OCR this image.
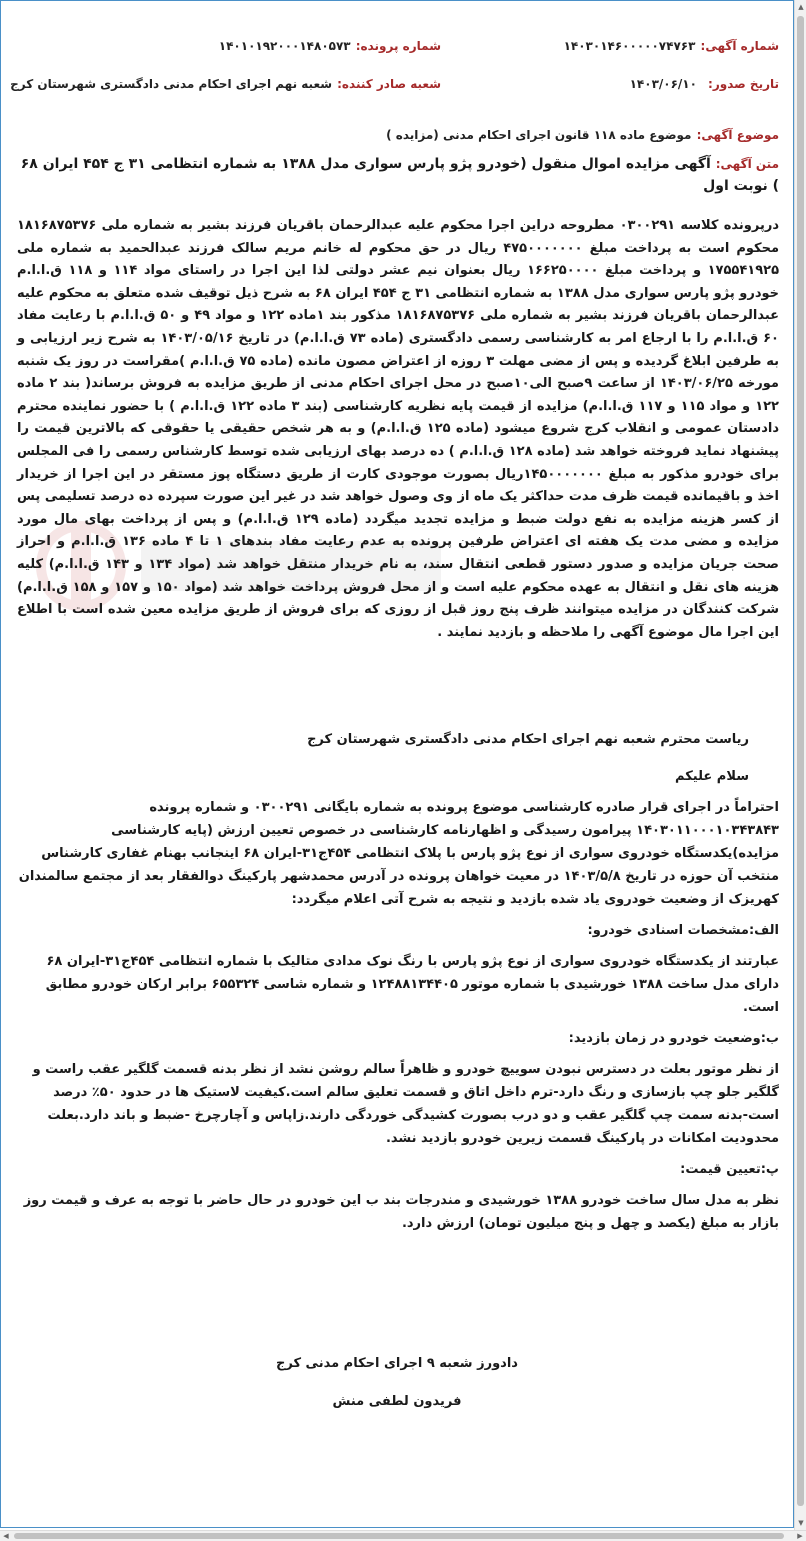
شماره آگهی: ۱۴۰۳۰۱۴۶۰۰۰۰۰۷۴۷۶۳
شماره پرونده: ۱۴۰۱۰۱۹۲۰۰۰۱۴۸۰۵۷۳
تاریخ صدور: ۱۴۰۳/۰۶/۱۰
شعبه صادر کننده: شعبه نهم اجرای احکام مدنی دادگستری شهرستان کرج
موضوع آگهی: موضوع ماده ۱۱۸ قانون اجرای احکام مدنی (مزایده )
متن آگهی: آگهی مزایده اموال منقول (خودرو پژو پارس سواری مدل ۱۳۸۸ به شماره انتظامی ۳۱ ج ۴۵۴ ایران ۶۸ ) نوبت اول
درپرونده کلاسه ۰۳۰۰۲۹۱ مطروحه دراین اجرا محکوم علیه عبدالرحمان باقریان فرزند بشیر به شماره ملی ۱۸۱۶۸۷۵۳۷۶ محکوم است به پرداخت مبلغ ۴۷۵۰۰۰۰۰۰۰ ریال در حق محکوم له خانم مریم سالک فرزند عبدالحمید به شماره ملی ۱۷۵۵۴۱۹۲۵ و پرداخت مبلغ ۱۶۶۲۵۰۰۰۰ ریال بعنوان نیم عشر دولتی لذا این اجرا در راستای مواد ۱۱۴ و ۱۱۸ ق.ا.ا.م خودرو پژو پارس سواری مدل ۱۳۸۸ به شماره انتظامی ۳۱ ج ۴۵۴ ایران ۶۸ به شرح ذیل توقیف شده متعلق به محکوم علیه عبدالرحمان باقریان فرزند بشیر به شماره ملی ۱۸۱۶۸۷۵۳۷۶ مذکور بند ۱ماده ۱۲۲ و مواد ۴۹ و ۵۰ ق.ا.ا.م با رعایت مفاد ۶۰ ق.ا.ا.م را با ارجاع امر به کارشناسی رسمی دادگستری (ماده ۷۳ ق.ا.ا.م) در تاریخ ۱۴۰۳/۰۵/۱۶ به شرح زیر ارزیابی و به طرفین ابلاغ گردیده و پس از مضی مهلت ۳ روزه از اعتراض مصون مانده (ماده ۷۵ ق.ا.ا.م )مقراست در روز یک شنبه مورخه ۱۴۰۳/۰۶/۲۵ از ساعت ۹صبح الی۱۰صبح در محل اجرای احکام مدنی از طریق مزایده به فروش برساند( بند ۲ ماده ۱۲۲ و مواد ۱۱۵ و ۱۱۷ ق.ا.ا.م) مزایده از قیمت پایه نظریه کارشناسی (بند ۳ ماده ۱۲۲ ق.ا.ا.م ) با حضور نماینده محترم دادستان عمومی و انقلاب کرج شروع میشود (ماده ۱۲۵ ق.ا.ا.م) و به هر شخص حقیقی یا حقوقی که بالاترین قیمت را پیشنهاد نماید فروخته خواهد شد (ماده ۱۲۸ ق.ا.ا.م ) ده درصد بهای ارزیابی شده توسط کارشناس رسمی را فی المجلس برای خودرو مذکور به مبلغ ۱۴۵۰۰۰۰۰۰۰ریال بصورت موجودی کارت از طریق دستگاه پوز مستقر در این اجرا از خریدار اخذ و باقیمانده قیمت ظرف مدت حداکثر یک ماه از وی وصول خواهد شد در غیر این صورت سپرده ده درصد تسلیمی پس از کسر هزینه مزایده به نفع دولت ضبط و مزایده تجدید میگردد (ماده ۱۲۹ ق.ا.ا.م) و پس از پرداخت بهای مال مورد مزایده و مضی مدت یک هفته ای اعتراض طرفین پرونده به عدم رعایت مفاد بندهای ۱ تا ۴ ماده ۱۳۶ ق.ا.ا.م و احراز صحت جریان مزایده و صدور دستور قطعی انتقال سند، به نام خریدار منتقل خواهد شد (مواد ۱۳۴ و ۱۴۳ ق.ا.ا.م) کلیه هزینه های نقل و انتقال به عهده محکوم علیه است و از محل فروش پرداخت خواهد شد (مواد ۱۵۰ و ۱۵۷ و ۱۵۸ ق.ا.ا.م) شرکت کنندگان در مزایده میتوانند ظرف پنج روز قبل از روزی که برای فروش از طریق مزایده معین شده است با اطلاع این اجرا مال موضوع آگهی را ملاحظه و بازدید نمایند .

ریاست محترم شعبه نهم اجرای احکام مدنی دادگستری شهرستان کرج

سلام علیکم

احتراماً در اجرای قرار صادره کارشناسی موضوع پرونده به شماره بایگانی ۰۳۰۰۲۹۱ و شماره پرونده ۱۴۰۳۰۱۱۰۰۰۱۰۳۴۳۸۴۳ پیرامون رسیدگی و اظهارنامه کارشناسی در خصوص تعیین ارزش (پایه کارشناسی مزایده)یکدستگاه خودروی سواری از نوع پژو پارس با پلاک انتظامی ۴۵۴ج۳۱-ایران ۶۸ اینجانب بهنام غفاری کارشناس منتخب آن حوزه در تاریخ ۱۴۰۳/۵/۸ در معیت خواهان پرونده در آدرس محمدشهر پارکینگ دوالفقار بعد از مجتمع سالمندان کهریزک از وضعیت خودروی یاد شده بازدید و نتیجه به شرح آتی اعلام میگردد:

الف:مشخصات اسنادی خودرو:

عبارتند از یکدستگاه خودروی سواری از نوع پژو پارس با رنگ نوک مدادی متالیک با شماره انتظامی ۴۵۴ج۳۱-ایران ۶۸ دارای مدل ساخت ۱۳۸۸ خورشیدی با شماره موتور ۱۲۴۸۸۱۳۴۴۰۵ و شماره شاسی ۶۵۵۳۲۴ برابر ارکان خودرو مطابق است.

ب:وضعیت خودرو در زمان بازدید:

از نظر موتور بعلت در دسترس نبودن سوییچ خودرو و ظاهراً سالم روشن نشد از نظر بدنه قسمت گلگیر عقب راست و گلگیر جلو چپ بازسازی و رنگ دارد-ترم داخل اتاق و قسمت تعلیق سالم است.کیفیت لاستیک ها در حدود ۵۰٪ درصد است-بدنه سمت چپ گلگیر عقب و دو درب بصورت کشیدگی خوردگی دارند.زاپاس و آچارچرخ -ضبط و باند دارد.بعلت محدودیت امکانات در پارکینگ قسمت زیرین خودرو بازدید نشد.

پ:تعیین قیمت:

نظر به مدل سال ساخت خودرو ۱۳۸۸ خورشیدی و مندرجات بند ب این خودرو در حال حاضر با توجه به عرف و قیمت روز بازار به مبلغ (یکصد و چهل و پنج میلیون تومان) ارزش دارد.

دادورز شعبه ۹ اجرای احکام مدنی کرج
فریدون لطفی منش
▲
▼
◀	▶
